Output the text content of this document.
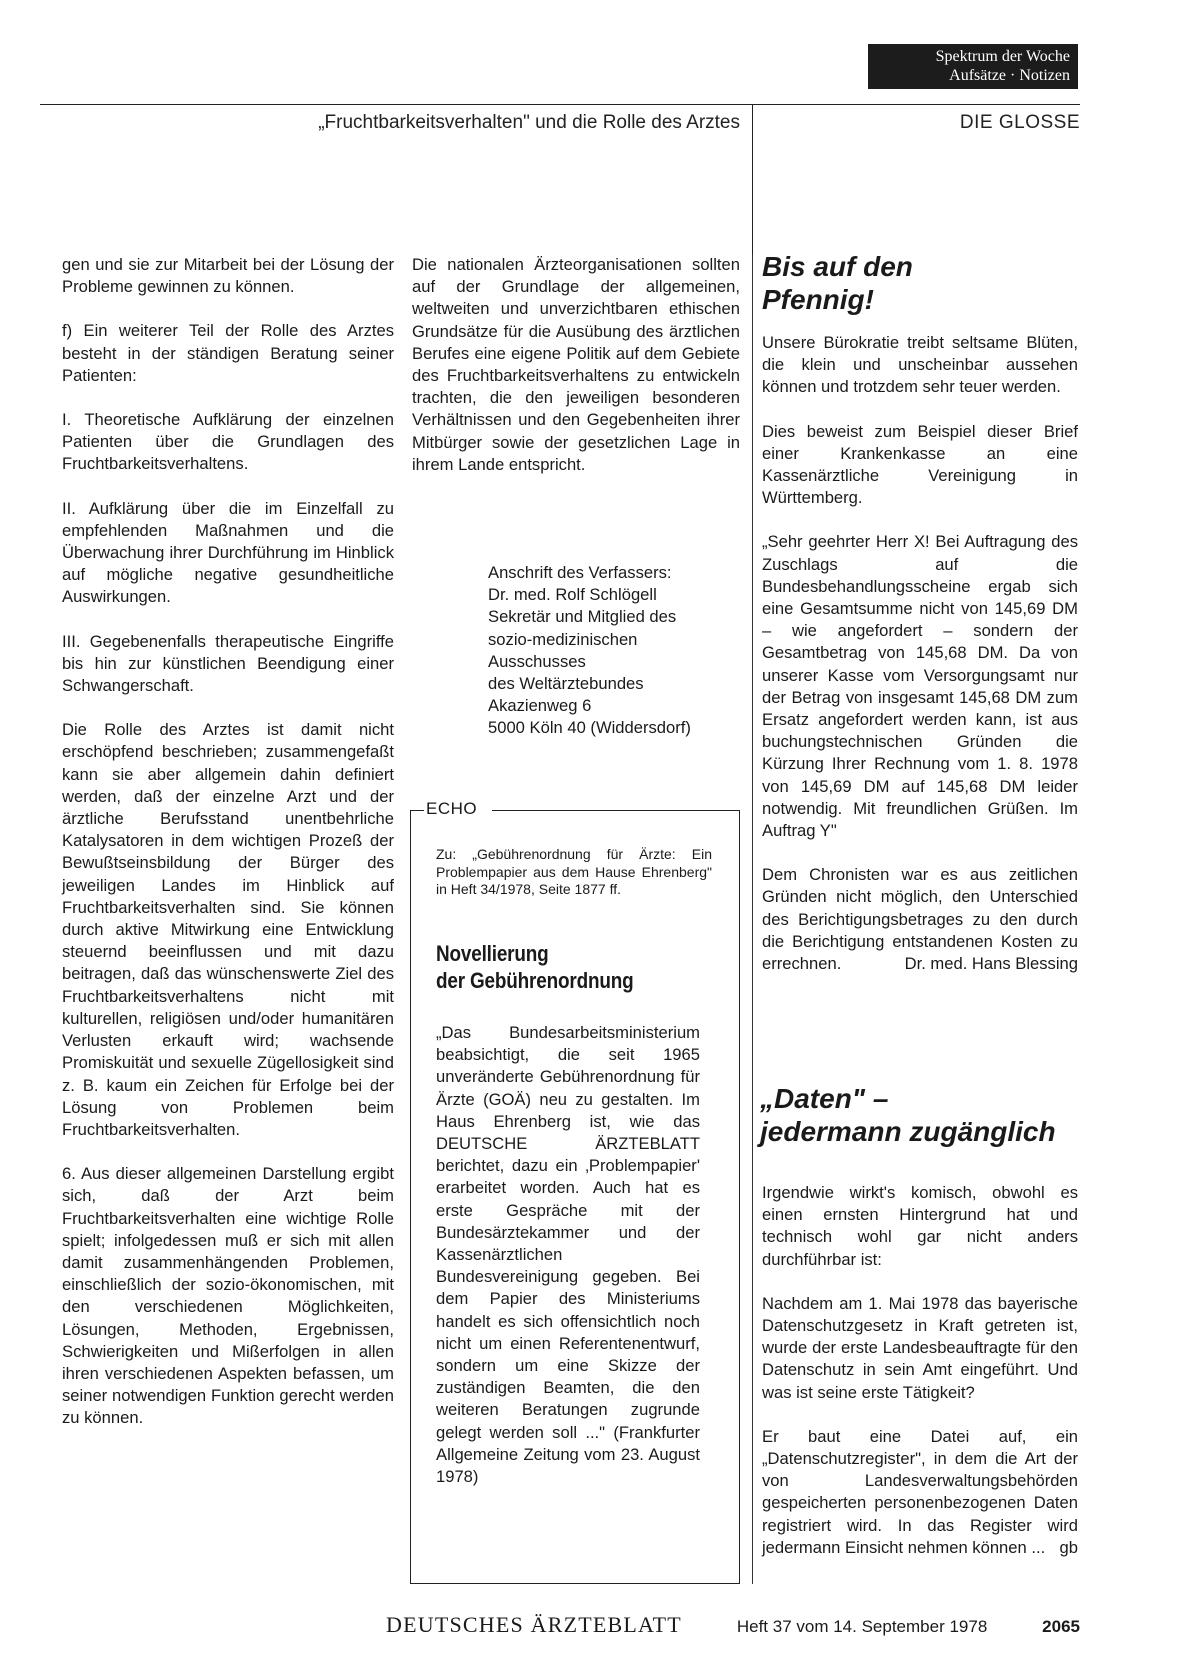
Spektrum der Woche
Aufsätze · Notizen
„Fruchtbarkeitsverhalten" und die Rolle des Arztes	DIE GLOSSE

gen und sie zur Mitarbeit bei der Lösung der Probleme gewinnen zu können.

f) Ein weiterer Teil der Rolle des Arztes besteht in der ständigen Beratung seiner Patienten:

I. Theoretische Aufklärung der einzelnen Patienten über die Grundlagen des Fruchtbarkeitsverhaltens.

II. Aufklärung über die im Einzelfall zu empfehlenden Maßnahmen und die Überwachung ihrer Durchführung im Hinblick auf mögliche negative gesundheitliche Auswirkungen.

III. Gegebenenfalls therapeutische Eingriffe bis hin zur künstlichen Beendigung einer Schwangerschaft.

Die Rolle des Arztes ist damit nicht erschöpfend beschrieben; zusammengefaßt kann sie aber allgemein dahin definiert werden, daß der einzelne Arzt und der ärztliche Berufsstand unentbehrliche Katalysatoren in dem wichtigen Prozeß der Bewußtseinsbildung der Bürger des jeweiligen Landes im Hinblick auf Fruchtbarkeitsverhalten sind. Sie können durch aktive Mitwirkung eine Entwicklung steuernd beeinflussen und mit dazu beitragen, daß das wünschenswerte Ziel des Fruchtbarkeitsverhaltens nicht mit kulturellen, religiösen und/oder humanitären Verlusten erkauft wird; wachsende Promiskuität und sexuelle Zügellosigkeit sind z. B. kaum ein Zeichen für Erfolge bei der Lösung von Problemen beim Fruchtbarkeitsverhalten.

6. Aus dieser allgemeinen Darstellung ergibt sich, daß der Arzt beim Fruchtbarkeitsverhalten eine wichtige Rolle spielt; infolgedessen muß er sich mit allen damit zusammenhängenden Problemen, einschließlich der sozio-ökonomischen, mit den verschiedenen Möglichkeiten, Lösungen, Methoden, Ergebnissen, Schwierigkeiten und Mißerfolgen in allen ihren verschiedenen Aspekten befassen, um seiner notwendigen Funktion gerecht werden zu können.

Die nationalen Ärzteorganisationen sollten auf der Grundlage der allgemeinen, weltweiten und unverzichtbaren ethischen Grundsätze für die Ausübung des ärztlichen Berufes eine eigene Politik auf dem Gebiete des Fruchtbarkeitsverhaltens zu entwickeln trachten, die den jeweiligen besonderen Verhältnissen und den Gegebenheiten ihrer Mitbürger sowie der gesetzlichen Lage in ihrem Lande entspricht.

Anschrift des Verfassers:
Dr. med. Rolf Schlögell
Sekretär und Mitglied des
sozio-medizinischen
Ausschusses
des Weltärztebundes
Akazienweg 6
5000 Köln 40 (Widdersdorf)
ECHO
Zu: „Gebührenordnung für Ärzte: Ein Problempapier aus dem Hause Ehrenberg" in Heft 34/1978, Seite 1877 ff.
Novellierung
der Gebührenordnung
„Das Bundesarbeitsministerium beabsichtigt, die seit 1965 unveränderte Gebührenordnung für Ärzte (GOÄ) neu zu gestalten. Im Haus Ehrenberg ist, wie das DEUTSCHE ÄRZTEBLATT berichtet, dazu ein ‚Problempapier' erarbeitet worden. Auch hat es erste Gespräche mit der Bundesärztekammer und der Kassenärztlichen Bundesvereinigung gegeben. Bei dem Papier des Ministeriums handelt es sich offensichtlich noch nicht um einen Referentenentwurf, sondern um eine Skizze der zuständigen Beamten, die den weiteren Beratungen zugrunde gelegt werden soll ..." (Frankfurter Allgemeine Zeitung vom 23. August 1978)
Bis auf den
Pfennig!

Unsere Bürokratie treibt seltsame Blüten, die klein und unscheinbar aussehen können und trotzdem sehr teuer werden.

Dies beweist zum Beispiel dieser Brief einer Krankenkasse an eine Kassenärztliche Vereinigung in Württemberg.

„Sehr geehrter Herr X! Bei Auftragung des Zuschlags auf die Bundesbehandlungsscheine ergab sich eine Gesamtsumme nicht von 145,69 DM – wie angefordert – sondern der Gesamtbetrag von 145,68 DM. Da von unserer Kasse vom Versorgungsamt nur der Betrag von insgesamt 145,68 DM zum Ersatz angefordert werden kann, ist aus buchungstechnischen Gründen die Kürzung Ihrer Rechnung vom 1. 8. 1978 von 145,69 DM auf 145,68 DM leider notwendig. Mit freundlichen Grüßen. Im Auftrag Y"

Dem Chronisten war es aus zeitlichen Gründen nicht möglich, den Unterschied des Berichtigungsbetrages zu den durch die Berichtigung entstandenen Kosten zu errechnen.	Dr. med. Hans Blessing

„Daten" –
jedermann zugänglich

Irgendwie wirkt's komisch, obwohl es einen ernsten Hintergrund hat und technisch wohl gar nicht anders durchführbar ist:

Nachdem am 1. Mai 1978 das bayerische Datenschutzgesetz in Kraft getreten ist, wurde der erste Landesbeauftragte für den Datenschutz in sein Amt eingeführt. Und was ist seine erste Tätigkeit?

Er baut eine Datei auf, ein „Datenschutzregister", in dem die Art der von Landesverwaltungsbehörden gespeicherten personenbezogenen Daten registriert wird. In das Register wird jedermann Einsicht nehmen können ... gb

DEUTSCHES ÄRZTEBLATT	Heft 37 vom 14. September 1978	2065
